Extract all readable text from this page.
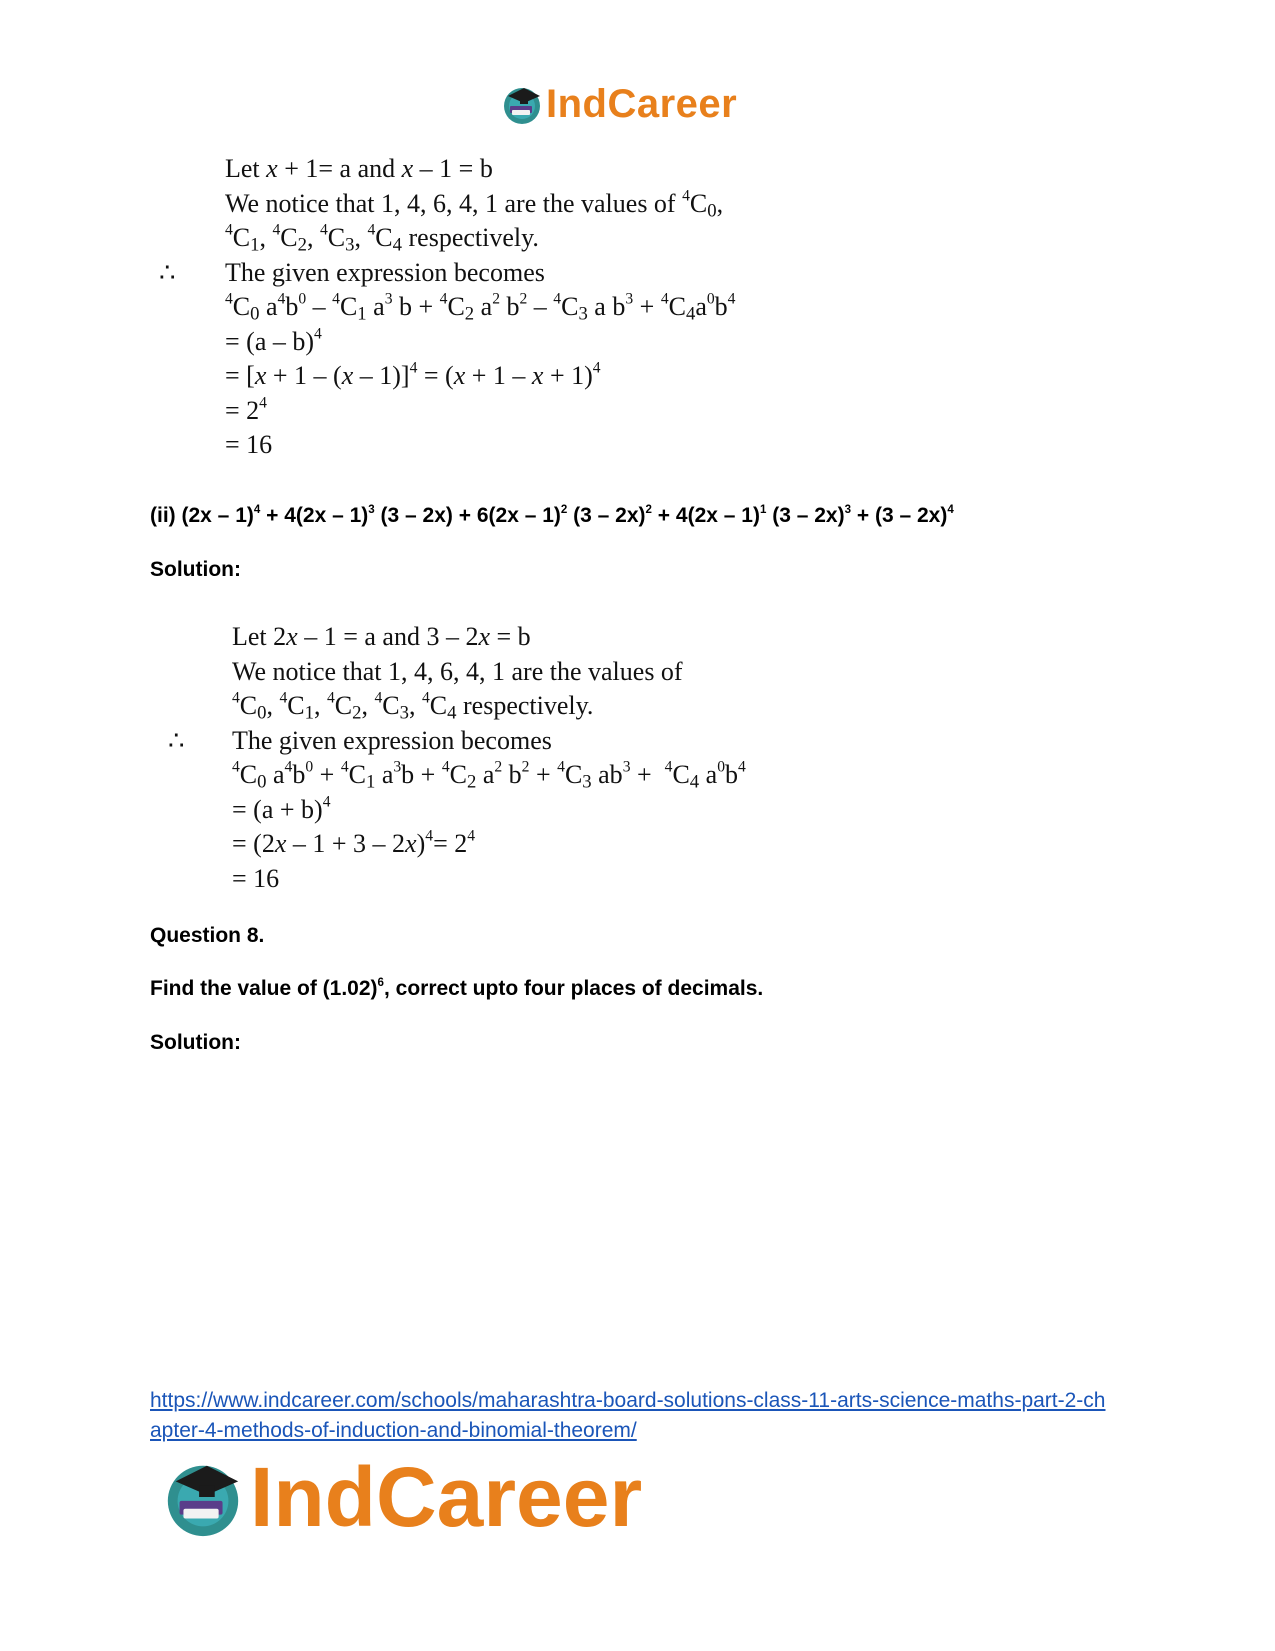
IndCareer
∴
Let x + 1= a and x – 1 = b
We notice that 1, 4, 6, 4, 1 are the values of $^4C_0$,
$^4C_1$, $^4C_2$, $^4C_3$, $^4C_4$ respectively.
The given expression becomes
$^4C_0$ $a^4b^0 - ^4C_1$ $a^3$ $b + ^4C_2$ $a^2$ $b^2 - ^4C_3$ a $b^3 + ^4C_4a^0b^4$
= (a – b)$^4$
= $[x + 1 - (x - 1)]^4 = (x + 1 - x + 1)^4$
= $2^4$
= 16
(ii) (2x – 1)$^4$ + 4(2x – 1)$^3$ (3 – 2x) + 6(2x – 1)$^2$ (3 – 2x)$^2$ + 4(2x – 1)$^1$ (3 – 2x)$^3$ + (3 – 2x)$^4$
Solution:
∴
Let 2x – 1 = a and 3 – 2x = b
We notice that 1, 4, 6, 4, 1 are the values of
$^4C_0$, $^4C_1$, $^4C_2$, $^4C_3$, $^4C_4$ respectively.
The given expression becomes
$^4C_0$ $a^4b^0 + ^4C_1$ $a^3b + ^4C_2$ $a^2$ $b^2 + ^4C_3$ $ab^3 + ^4C_4$ $a^0b^4$
= $(a + b)^4$
= $(2x - 1 + 3 - 2x)^4= 2^4$
= 16
Question 8.
Find the value of $(1.02)^6$, correct upto four places of decimals.
Solution:
https://www.indcareer.com/schools/maharashtra-board-solutions-class-11-arts-science-maths-part-2-chapter-4-methods-of-induction-and-binomial-theorem/
IndCareer
